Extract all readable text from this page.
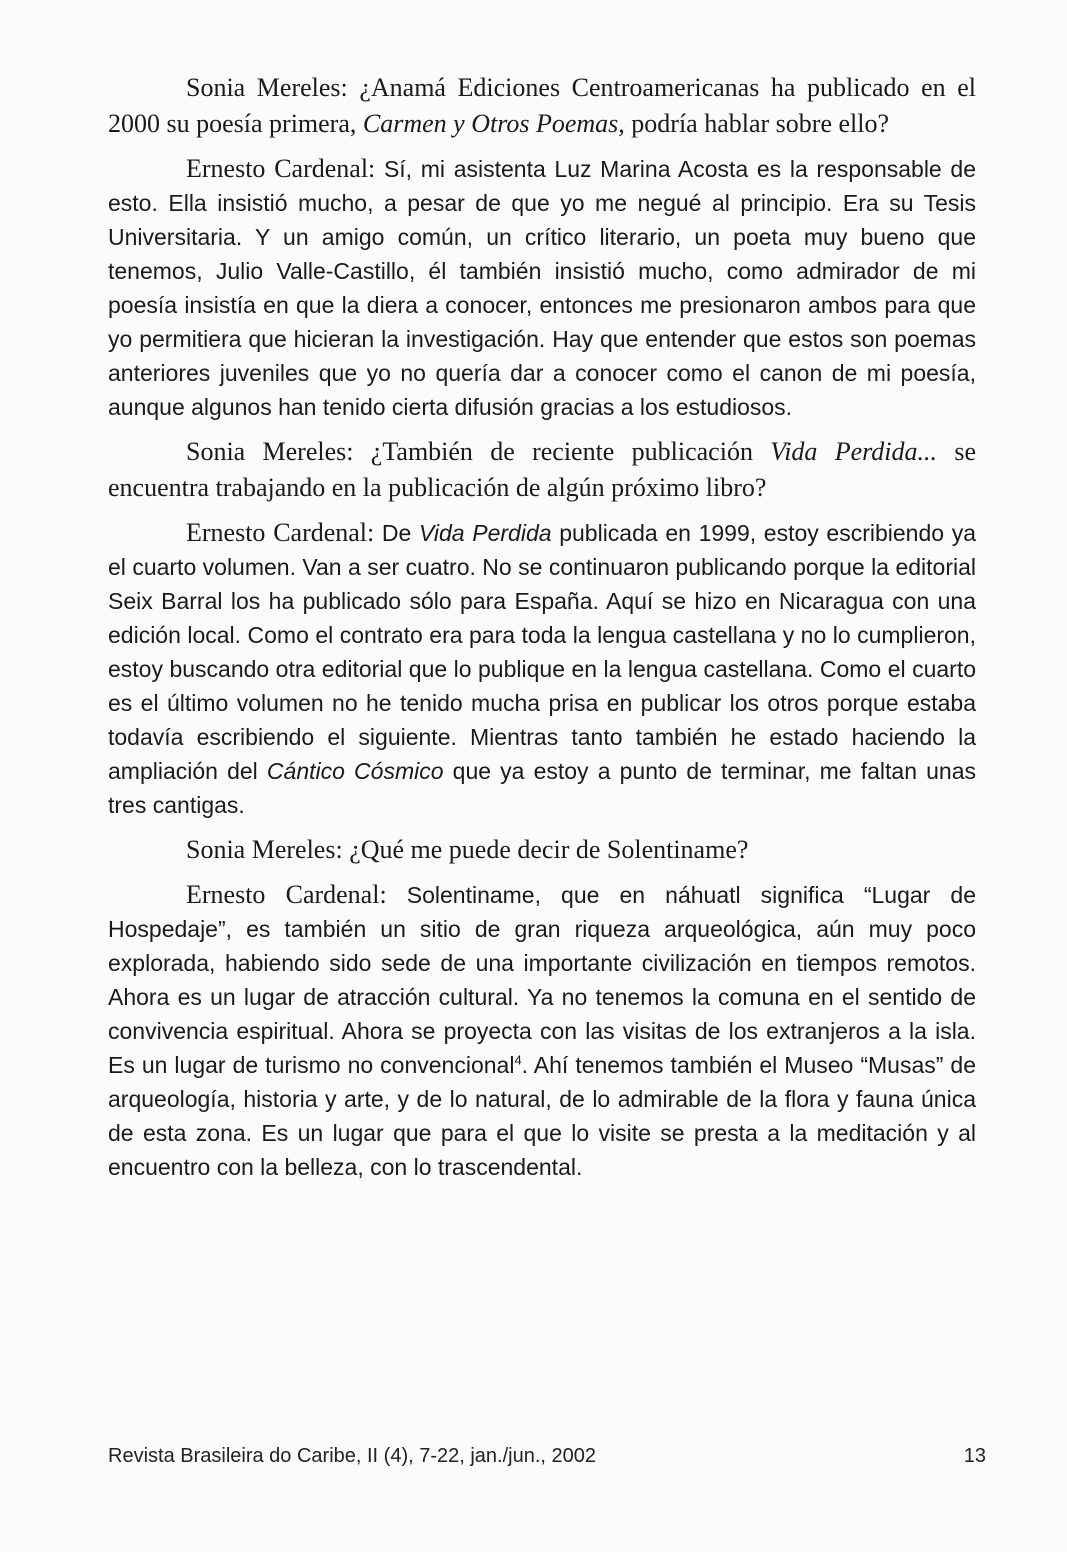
Sonia Mereles: ¿Anamá Ediciones Centroamericanas ha publicado en el 2000 su poesía primera, Carmen y Otros Poemas, podría hablar sobre ello?

Ernesto Cardenal: Sí, mi asistenta Luz Marina Acosta es la responsable de esto. Ella insistió mucho, a pesar de que yo me negué al principio. Era su Tesis Universitaria. Y un amigo común, un crítico literario, un poeta muy bueno que tenemos, Julio Valle-Castillo, él también insistió mucho, como admirador de mi poesía insistía en que la diera a conocer, entonces me presionaron ambos para que yo permitiera que hicieran la investigación. Hay que entender que estos son poemas anteriores juveniles que yo no quería dar a conocer como el canon de mi poesía, aunque algunos han tenido cierta difusión gracias a los estudiosos.

Sonia Mereles: ¿También de reciente publicación Vida Perdida... se encuentra trabajando en la publicación de algún próximo libro?

Ernesto Cardenal: De Vida Perdida publicada en 1999, estoy escribiendo ya el cuarto volumen. Van a ser cuatro. No se continuaron publicando porque la editorial Seix Barral los ha publicado sólo para España. Aquí se hizo en Nicaragua con una edición local. Como el contrato era para toda la lengua castellana y no lo cumplieron, estoy buscando otra editorial que lo publique en la lengua castellana. Como el cuarto es el último volumen no he tenido mucha prisa en publicar los otros porque estaba todavía escribiendo el siguiente. Mientras tanto también he estado haciendo la ampliación del Cántico Cósmico que ya estoy a punto de terminar, me faltan unas tres cantigas.

Sonia Mereles: ¿Qué me puede decir de Solentiname?

Ernesto Cardenal: Solentiname, que en náhuatl significa “Lugar de Hospedaje”, es también un sitio de gran riqueza arqueológica, aún muy poco explorada, habiendo sido sede de una importante civilización en tiempos remotos. Ahora es un lugar de atracción cultural. Ya no tenemos la comuna en el sentido de convivencia espiritual. Ahora se proyecta con las visitas de los extranjeros a la isla. Es un lugar de turismo no convencional$^4$. Ahí tenemos también el Museo “Musas” de arqueología, historia y arte, y de lo natural, de lo admirable de la flora y fauna única de esta zona. Es un lugar que para el que lo visite se presta a la meditación y al encuentro con la belleza, con lo trascendental.

Revista Brasileira do Caribe, II (4), 7-22, jan./jun., 2002	13
